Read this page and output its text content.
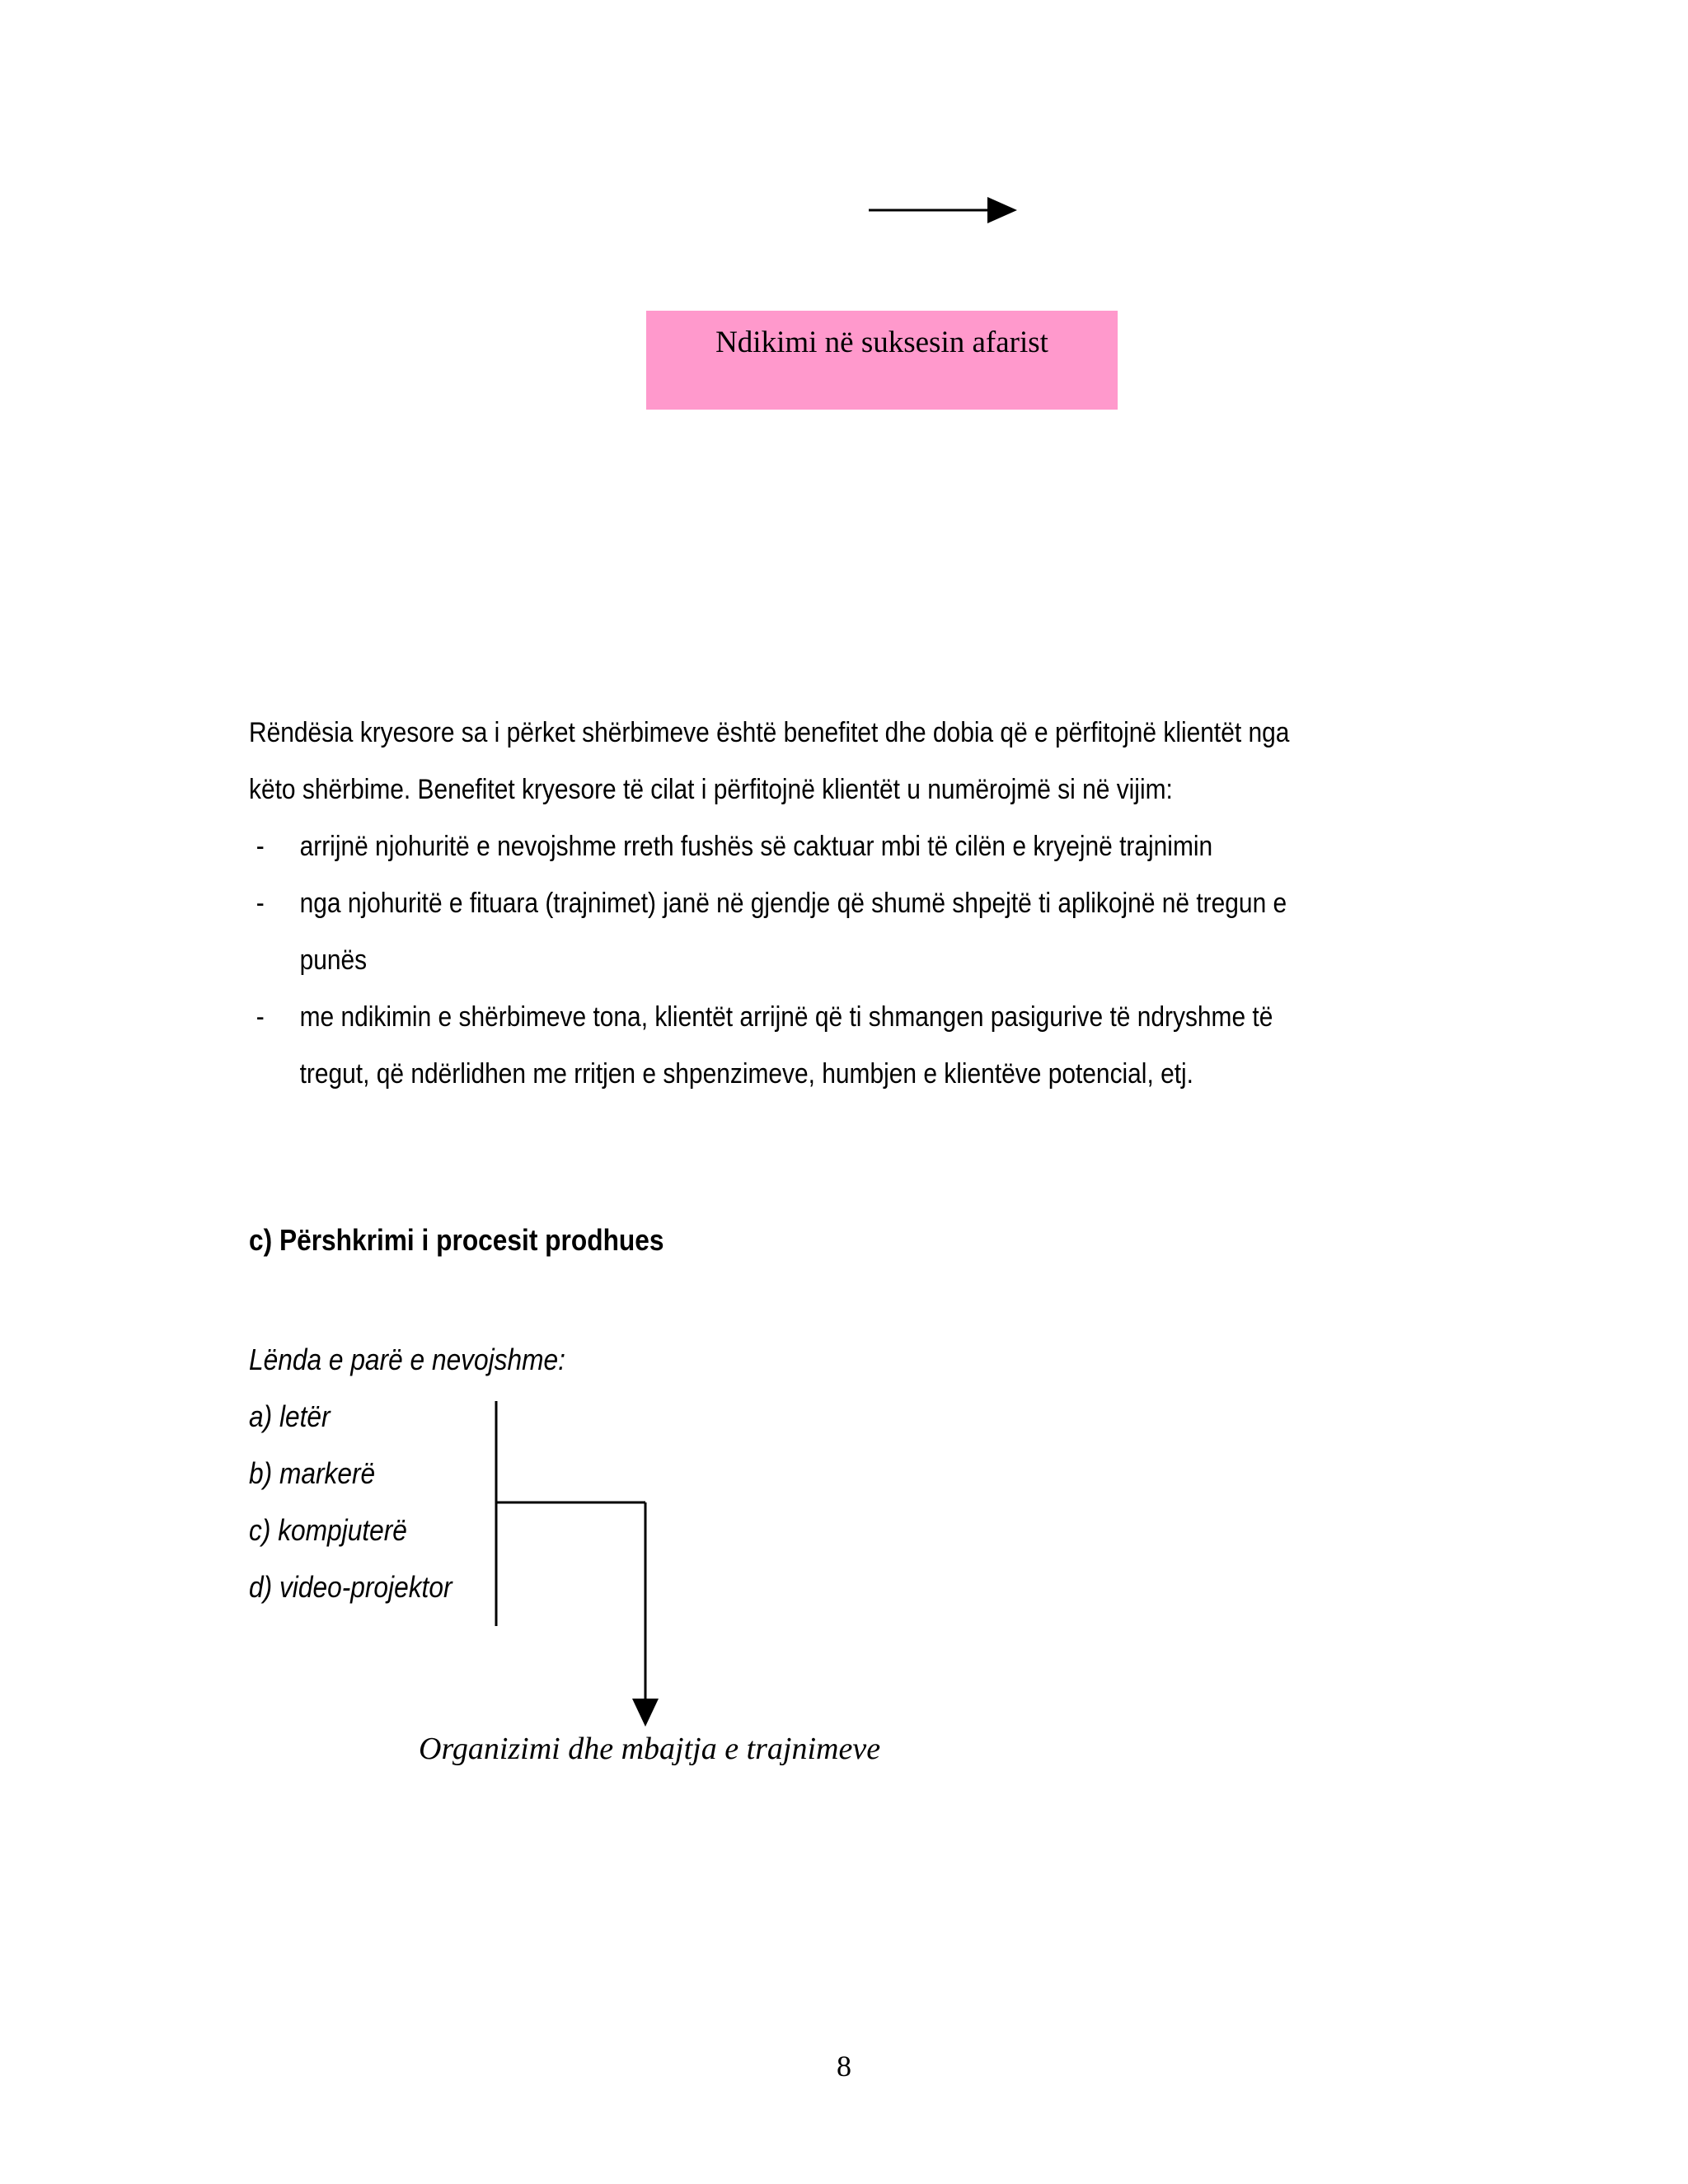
Ndikimi në suksesin afarist
Rëndësia kryesore sa i përket shërbimeve është benefitet dhe dobia që e përfitojnë klientët nga
këto shërbime. Benefitet kryesore të cilat i përfitojnë klientët u numërojmë si në vijim:
- arrijnë njohuritë e nevojshme rreth fushës së caktuar mbi të cilën e kryejnë trajnimin
- nga njohuritë e fituara (trajnimet) janë në gjendje që shumë shpejtë ti aplikojnë në tregun e
punës
- me ndikimin e shërbimeve tona, klientët arrijnë që ti shmangen pasigurive të ndryshme të
tregut, që ndërlidhen me rritjen e shpenzimeve, humbjen e klientëve potencial, etj.
c) Përshkrimi i procesit prodhues
Lënda e parë e nevojshme:
a) letër
b) markerë
c) kompjuterë
d) video-projektor
Organizimi dhe mbajtja e trajnimeve
8
